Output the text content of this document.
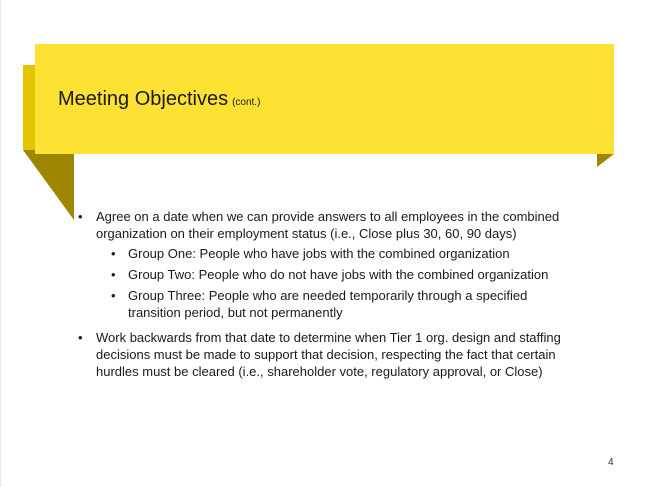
Meeting Objectives (cont.)
• Agree on a date when we can provide answers to all employees in the combined organization on their employment status (i.e., Close plus 30, 60, 90 days)
• Group One: People who have jobs with the combined organization
• Group Two: People who do not have jobs with the combined organization
• Group Three: People who are needed temporarily through a specified transition period, but not permanently
• Work backwards from that date to determine when Tier 1 org. design and staffing decisions must be made to support that decision, respecting the fact that certain hurdles must be cleared (i.e., shareholder vote, regulatory approval, or Close)
4
